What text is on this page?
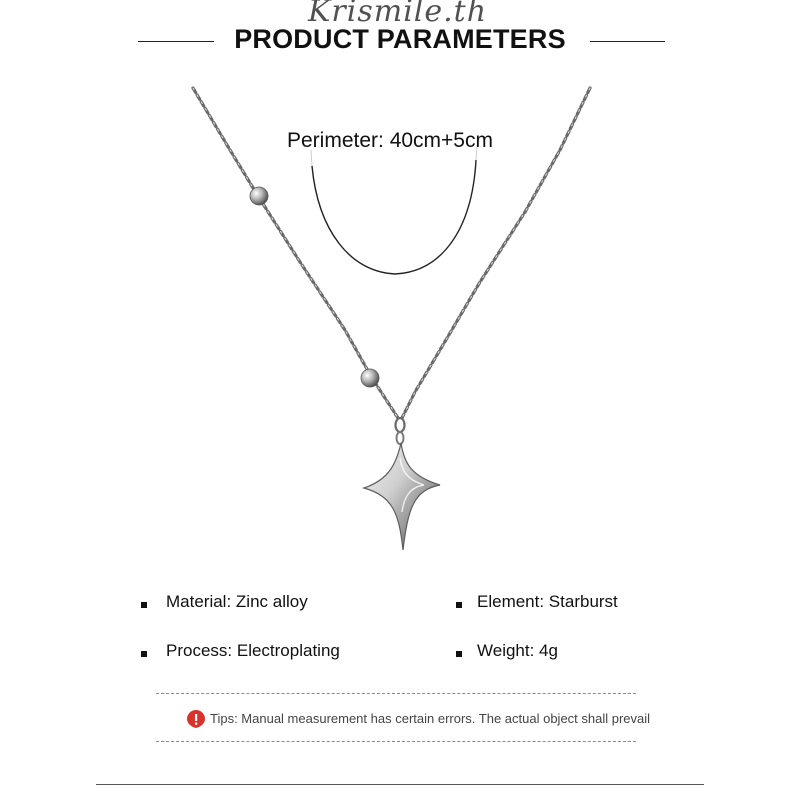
Krismile.th
PRODUCT PARAMETERS
Perimeter: 40cm+5cm
Material: Zinc alloy	Element: Starburst
Process: Electroplating	Weight: 4g
Tips: Manual measurement has certain errors. The actual object shall prevail
